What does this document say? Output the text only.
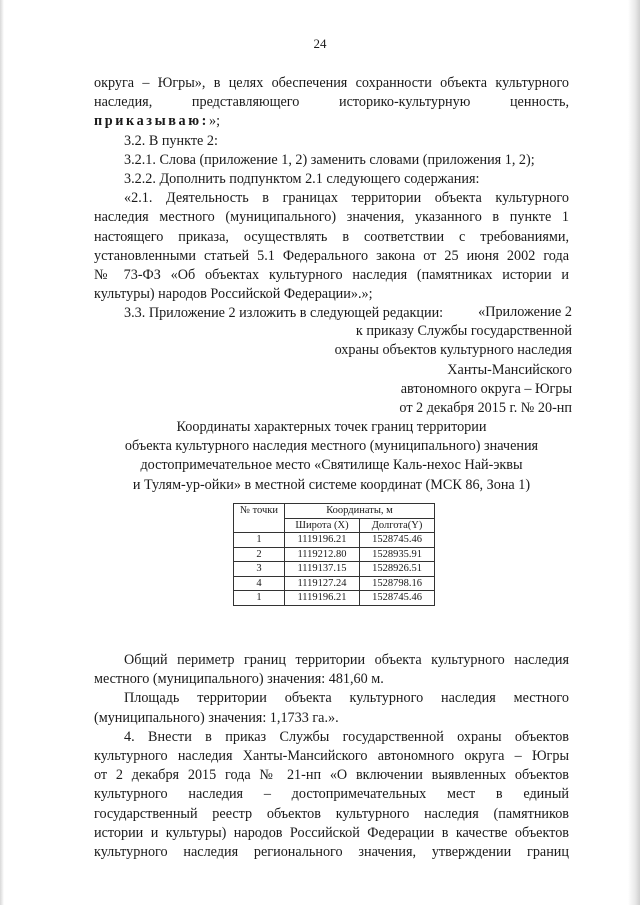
24

округа – Югры», в целях обеспечения сохранности объекта культурного

наследия, представляющего историко-культурную ценность,

приказываю:»;

3.2. В пункте 2:

3.2.1. Слова (приложение 1, 2) заменить словами (приложения 1, 2);

3.2.2. Дополнить подпунктом 2.1 следующего содержания:

«2.1. Деятельность в границах территории объекта культурного

наследия местного (муниципального) значения, указанного в пункте 1

настоящего приказа, осуществлять в соответствии с требованиями,

установленными статьей 5.1 Федерального закона от 25 июня 2002 года

№ 73-ФЗ «Об объектах культурного наследия (памятниках истории и

культуры) народов Российской Федерации».»;

3.3. Приложение 2 изложить в следующей редакции:	«Приложение 2
к приказу Службы государственной
охраны объектов культурного наследия
Ханты-Мансийского
автономного округа – Югры
от 2 декабря 2015 г. № 20-нп
Координаты характерных точек границ территории
объекта культурного наследия местного (муниципального) значения
достопримечательное место «Святилище Каль-нехос Най-эквы
и Тулям-ур-ойки» в местной системе координат (МСК 86, Зона 1)
№ точки	Координаты, м	
	Широта (X)	Долгота(Y)
1	1119196.21	1528745.46
2	1119212.80	1528935.91
3	1119137.15	1528926.51
4	1119127.24	1528798.16
1	1119196.21	1528745.46

Общий периметр границ территории объекта культурного наследия

местного (муниципального) значения: 481,60 м.

Площадь территории объекта культурного наследия местного

(муниципального) значения: 1,1733 га.».

4. Внести в приказ Службы государственной охраны объектов

культурного наследия Ханты-Мансийского автономного округа – Югры

от 2 декабря 2015 года № 21-нп «О включении выявленных объектов

культурного наследия – достопримечательных мест в единый

государственный реестр объектов культурного наследия (памятников

истории и культуры) народов Российской Федерации в качестве объектов

культурного наследия регионального значения, утверждении границ
